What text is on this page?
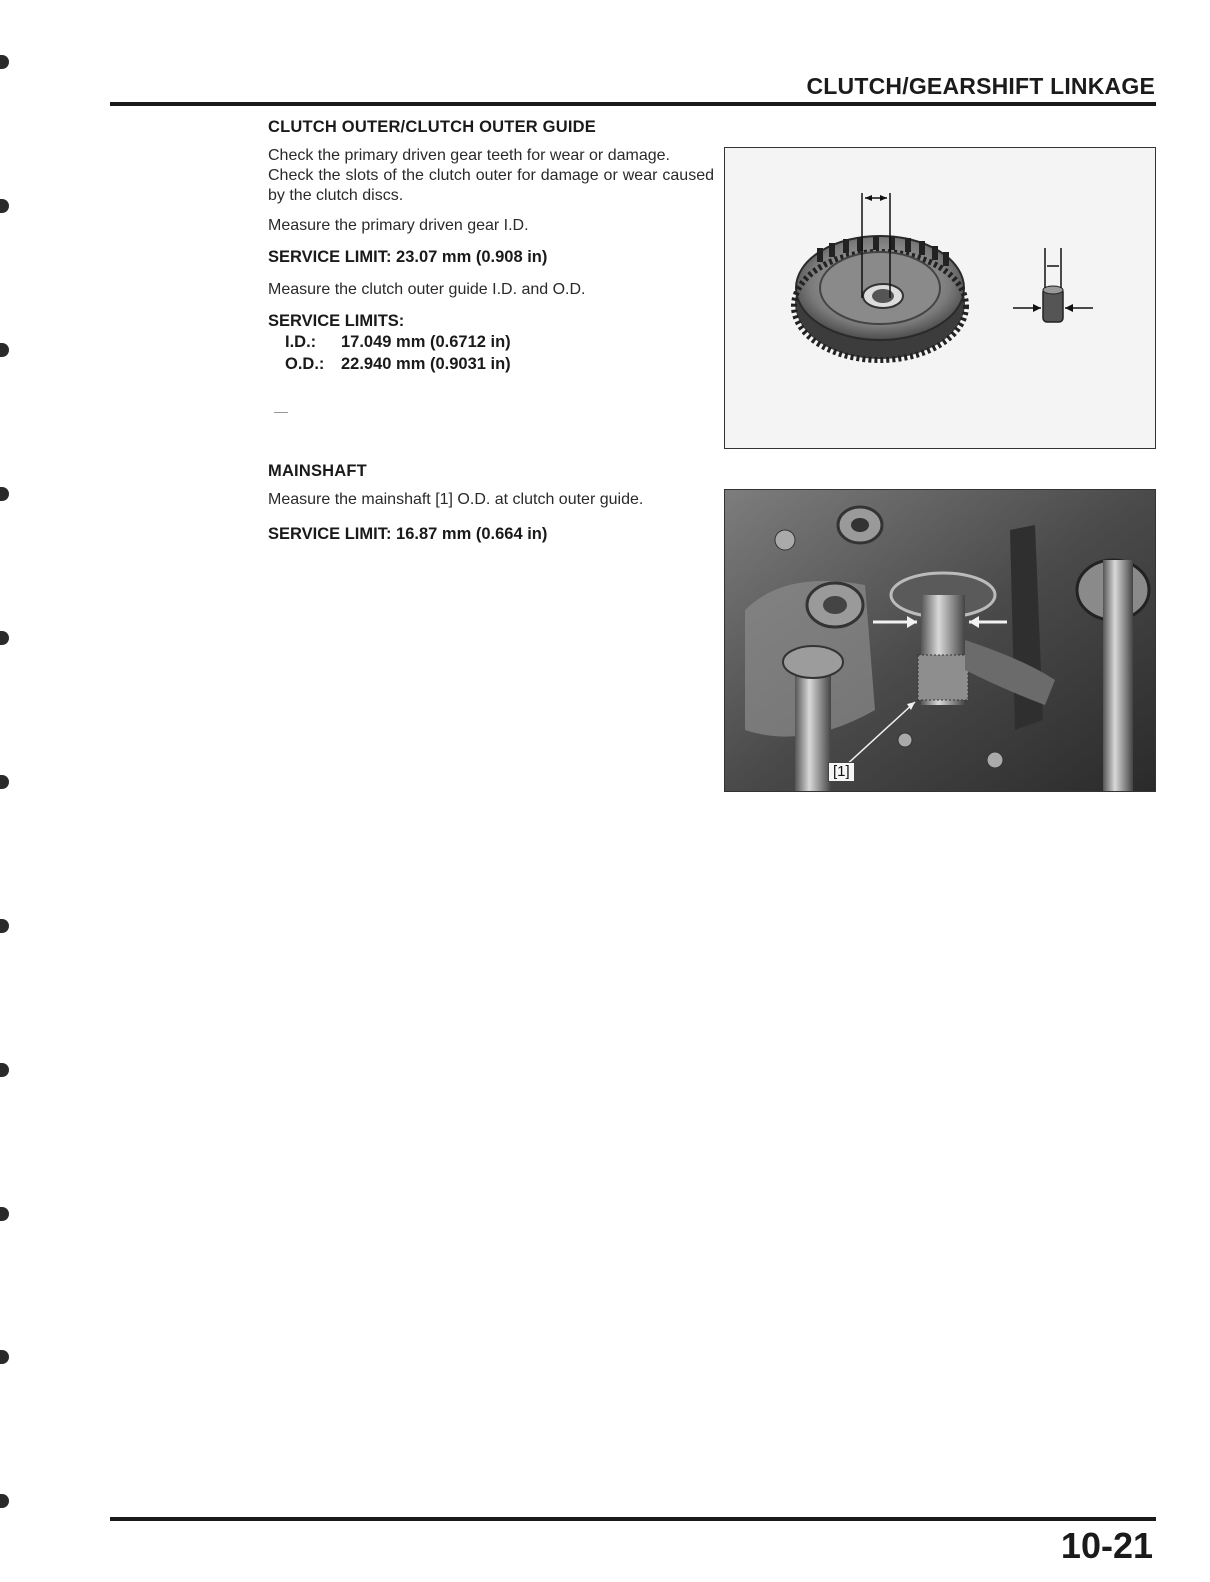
CLUTCH/GEARSHIFT LINKAGE
CLUTCH OUTER/CLUTCH OUTER GUIDE

Check the primary driven gear teeth for wear or damage.

Check the slots of the clutch outer for damage or wear caused by the clutch discs.

Measure the primary driven gear I.D.

SERVICE LIMIT: 23.07 mm (0.908 in)

Measure the clutch outer guide I.D. and O.D.

SERVICE LIMITS:
I.D.:	17.049 mm (0.6712 in)
O.D.:	22.940 mm (0.9031 in)
MAINSHAFT

Measure the mainshaft [1] O.D. at clutch outer guide.

SERVICE LIMIT: 16.87 mm (0.664 in)
[1]
10-21
